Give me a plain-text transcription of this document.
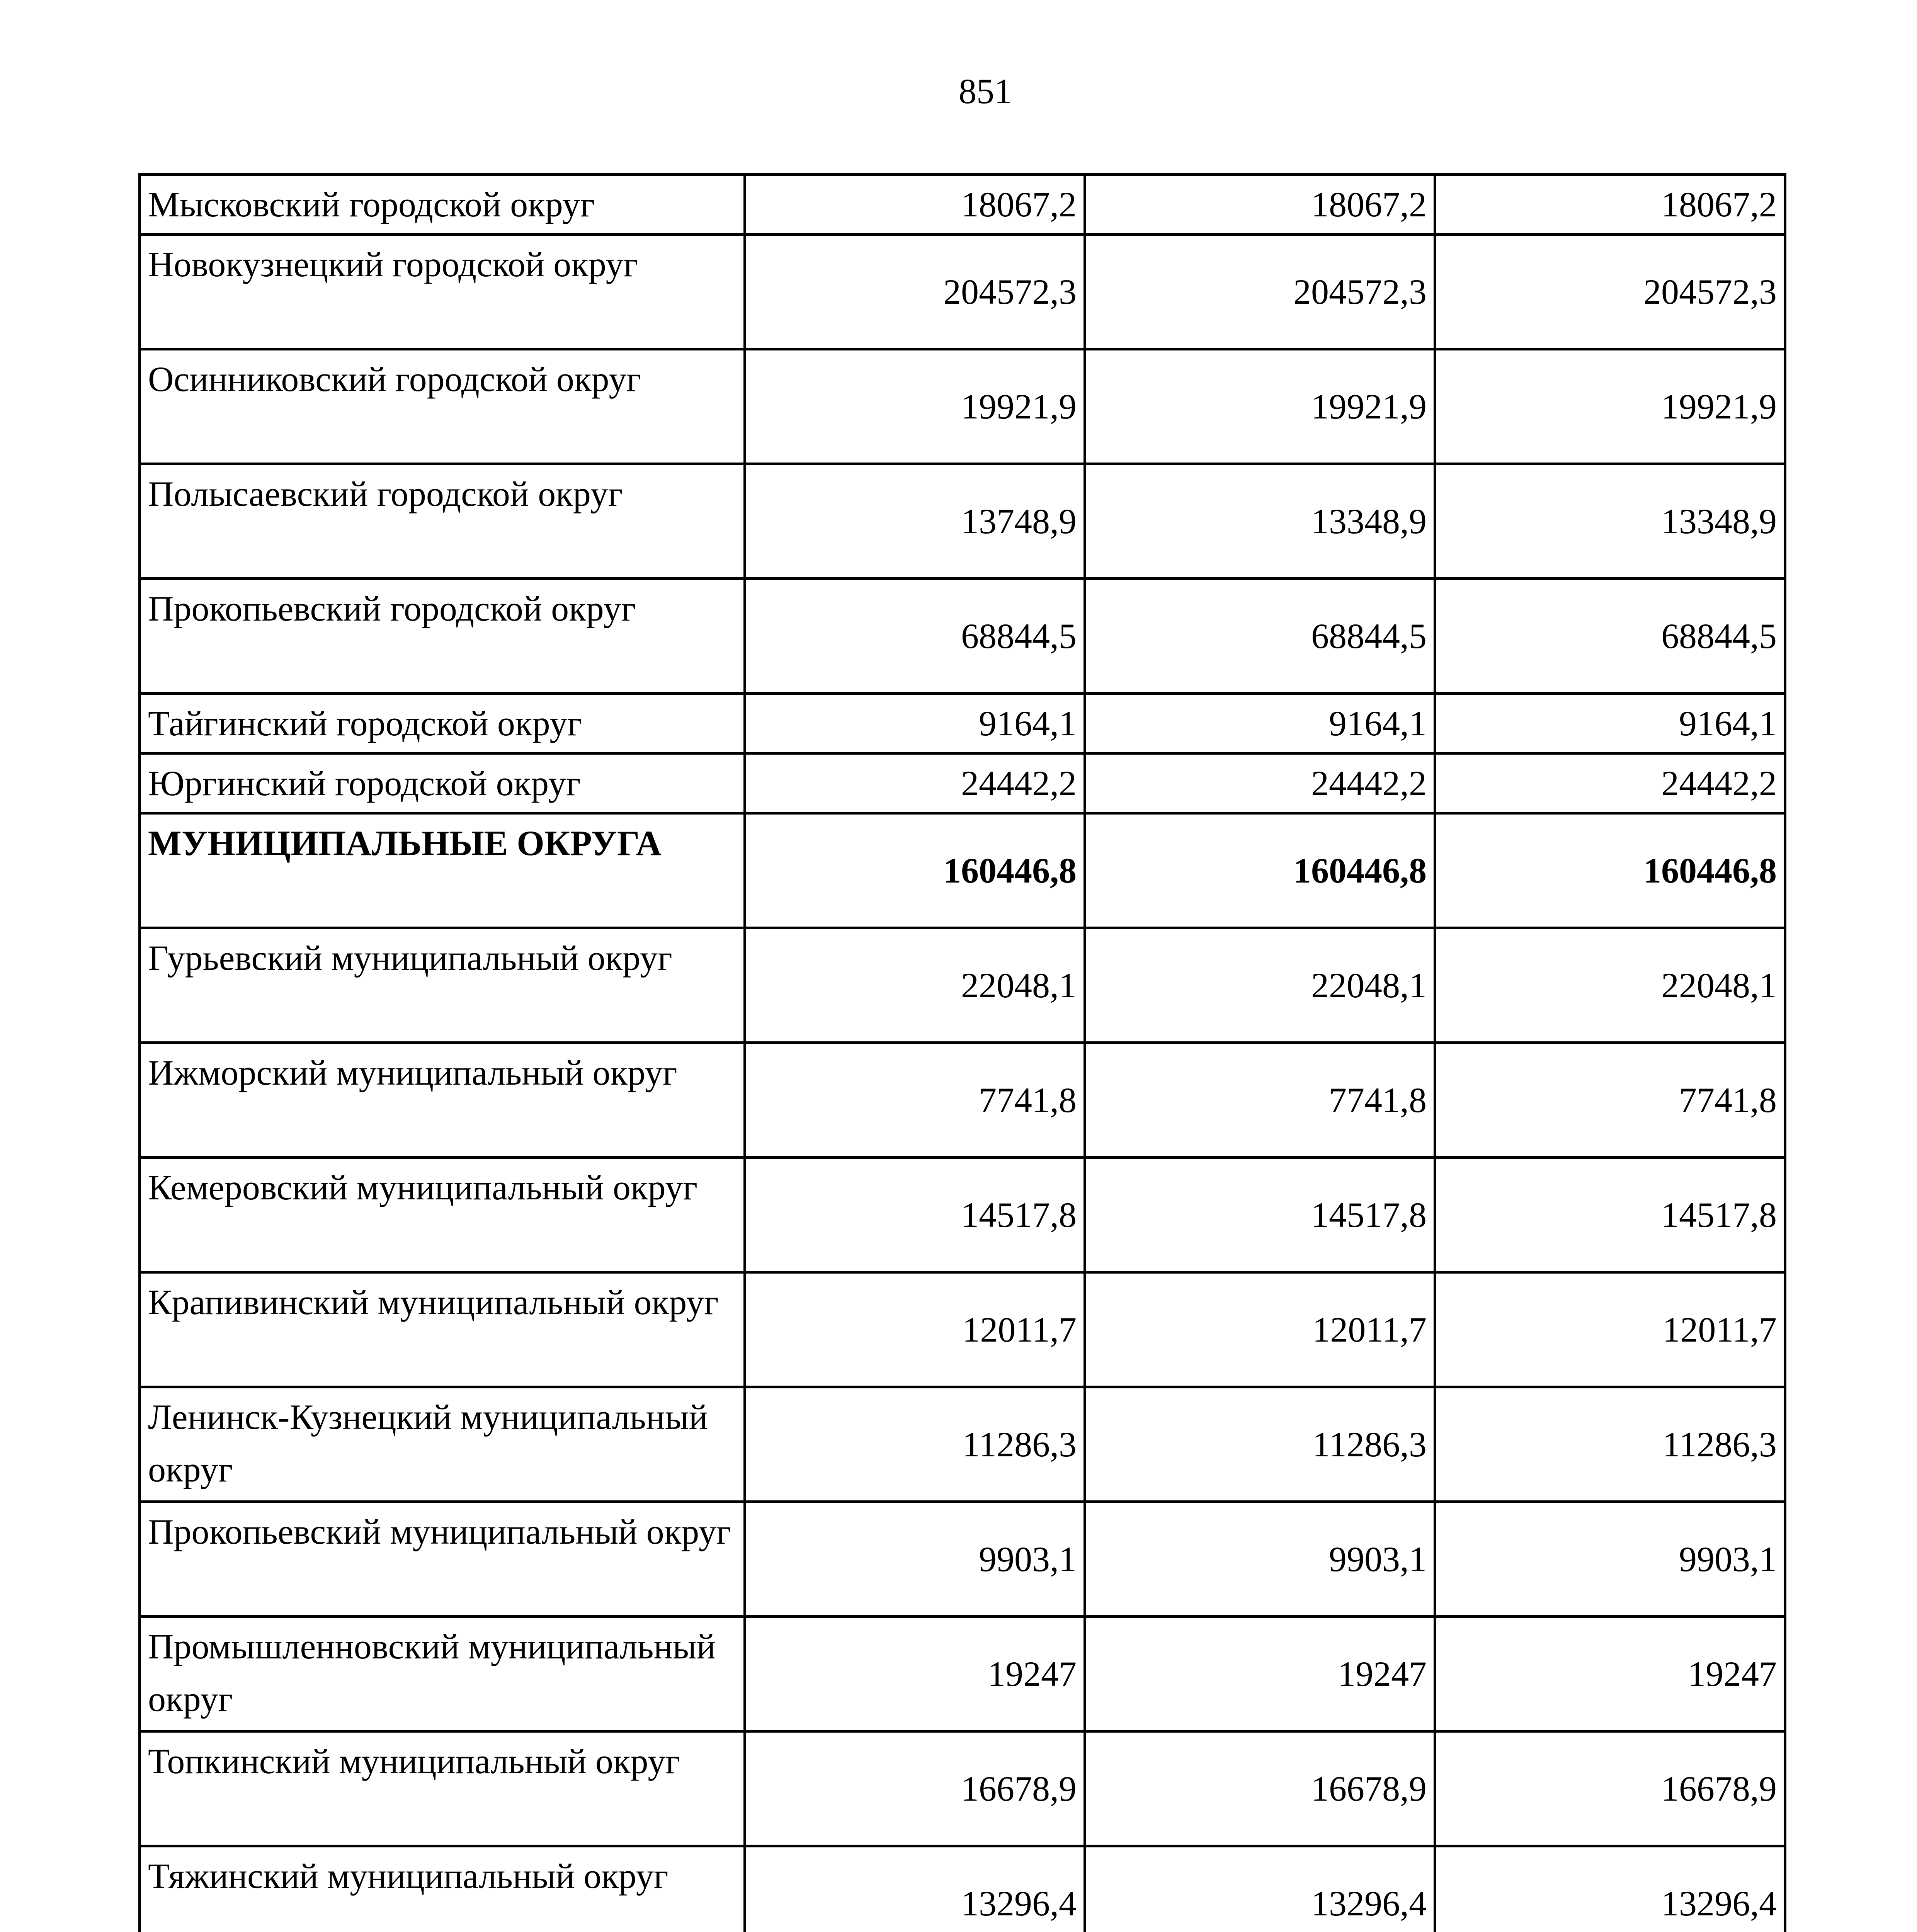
851
Мысковский городской округ	18067,2	18067,2	18067,2
Новокузнецкий городской округ	204572,3	204572,3	204572,3
Осинниковский городской округ	19921,9	19921,9	19921,9
Полысаевский городской округ	13748,9	13348,9	13348,9
Прокопьевский городской округ	68844,5	68844,5	68844,5
Тайгинский городской округ	9164,1	9164,1	9164,1
Юргинский городской округ	24442,2	24442,2	24442,2
МУНИЦИПАЛЬНЫЕ ОКРУГА	160446,8	160446,8	160446,8
Гурьевский муниципальный округ	22048,1	22048,1	22048,1
Ижморский муниципальный округ	7741,8	7741,8	7741,8
Кемеровский муниципальный округ	14517,8	14517,8	14517,8
Крапивинский муниципальный округ	12011,7	12011,7	12011,7
Ленинск-Кузнецкий муниципальный округ	11286,3	11286,3	11286,3
Прокопьевский муниципальный округ	9903,1	9903,1	9903,1
Промышленновский муниципальный округ	19247	19247	19247
Топкинский муниципальный округ	16678,9	16678,9	16678,9
Тяжинский муниципальный округ	13296,4	13296,4	13296,4
